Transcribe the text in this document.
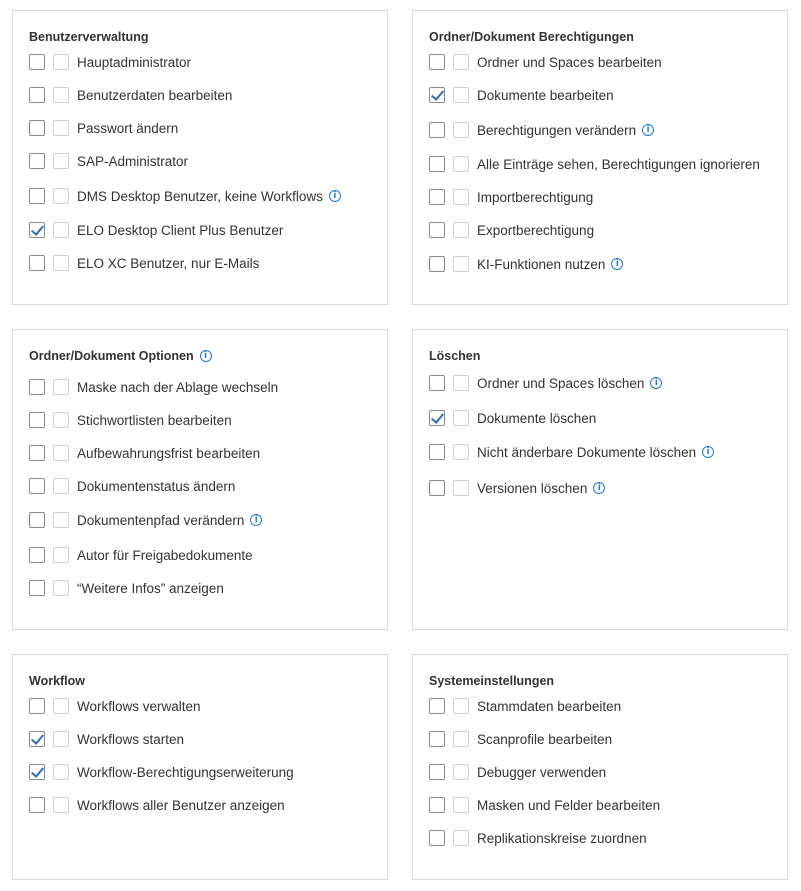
Benutzerverwaltung
Hauptadministrator
Benutzerdaten bearbeiten
Passwort ändern
SAP-Administrator
DMS Desktop Benutzer, keine Workflows	i
ELO Desktop Client Plus Benutzer
ELO XC Benutzer, nur E-Mails
Ordner/Dokument Berechtigungen
Ordner und Spaces bearbeiten
Dokumente bearbeiten
Berechtigungen verändern	i
Alle Einträge sehen, Berechtigungen ignorieren
Importberechtigung
Exportberechtigung
KI-Funktionen nutzen	i
Ordner/Dokument Optionen	i
Maske nach der Ablage wechseln
Stichwortlisten bearbeiten
Aufbewahrungsfrist bearbeiten
Dokumentenstatus ändern
Dokumentenpfad verändern	i
Autor für Freigabedokumente
“Weitere Infos” anzeigen
Löschen
Ordner und Spaces löschen	i
Dokumente löschen
Nicht änderbare Dokumente löschen	i
Versionen löschen	i
Workflow
Workflows verwalten
Workflows starten
Workflow-Berechtigungserweiterung
Workflows aller Benutzer anzeigen
Systemeinstellungen
Stammdaten bearbeiten
Scanprofile bearbeiten
Debugger verwenden
Masken und Felder bearbeiten
Replikationskreise zuordnen
